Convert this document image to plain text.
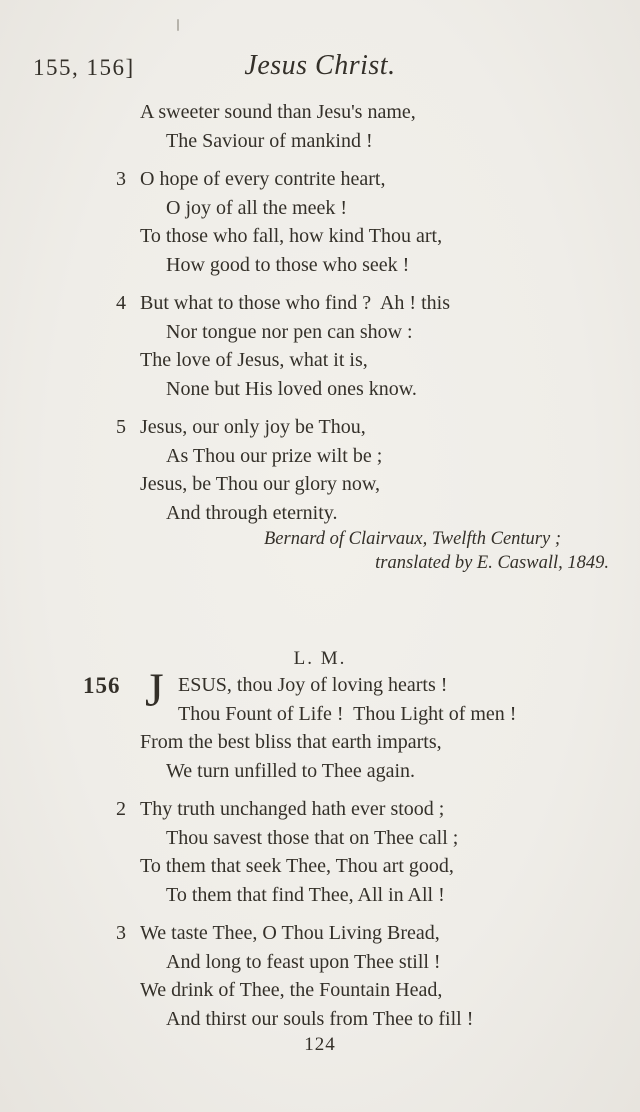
155, 156]	Jesus Christ.
A sweeter sound than Jesu's name,
The Saviour of mankind !
3 O hope of every contrite heart,
O joy of all the meek !
To those who fall, how kind Thou art,
How good to those who seek !
4 But what to those who find ?  Ah ! this
Nor tongue nor pen can show :
The love of Jesus, what it is,
None but His loved ones know.
5 Jesus, our only joy be Thou,
As Thou our prize wilt be ;
Jesus, be Thou our glory now,
And through eternity.
Bernard of Clairvaux, Twelfth Century ;
translated by E. Caswall, 1849.
L. M.
156 J ESUS, thou Joy of loving hearts !
Thou Fount of Life !  Thou Light of men !
From the best bliss that earth imparts,
We turn unfilled to Thee again.
2 Thy truth unchanged hath ever stood ;
Thou savest those that on Thee call ;
To them that seek Thee, Thou art good,
To them that find Thee, All in All !
3 We taste Thee, O Thou Living Bread,
And long to feast upon Thee still !
We drink of Thee, the Fountain Head,
And thirst our souls from Thee to fill !
124
